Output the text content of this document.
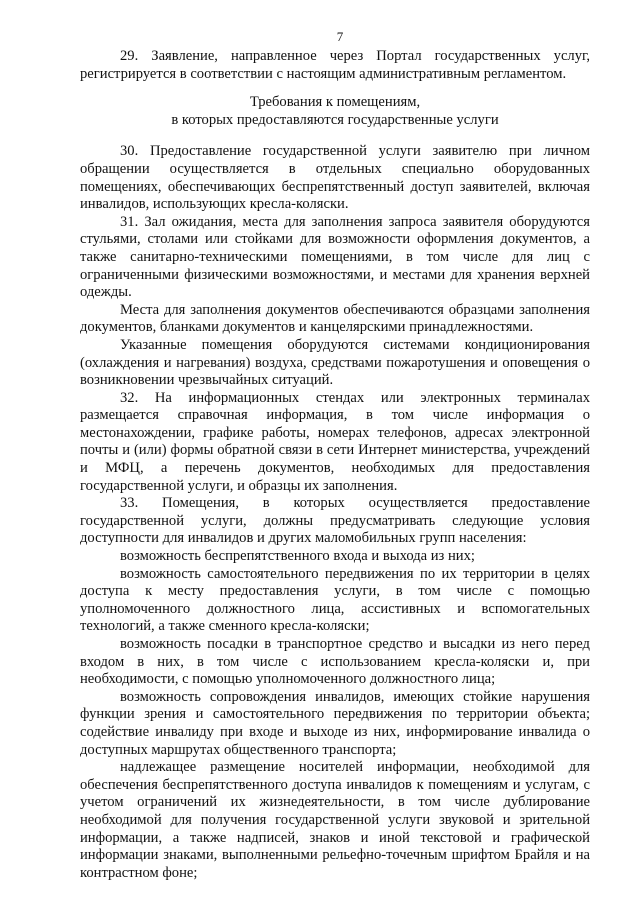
7

29. Заявление, направленное через Портал государственных услуг, регистрируется в соответствии с настоящим административным регламентом.

Требования к помещениям,
в которых предоставляются государственные услуги

30. Предоставление государственной услуги заявителю при личном обращении осуществляется в отдельных специально оборудованных помещениях, обеспечивающих беспрепятственный доступ заявителей, включая инвалидов, использующих кресла-коляски.

31. Зал ожидания, места для заполнения запроса заявителя оборудуются стульями, столами или стойками для возможности оформления документов, а также санитарно-техническими помещениями, в том числе для лиц с ограниченными физическими возможностями, и местами для хранения верхней одежды.

Места для заполнения документов обеспечиваются образцами заполнения документов, бланками документов и канцелярскими принадлежностями.

Указанные помещения оборудуются системами кондиционирования (охлаждения и нагревания) воздуха, средствами пожаротушения и оповещения о возникновении чрезвычайных ситуаций.

32. На информационных стендах или электронных терминалах размещается справочная информация, в том числе информация о местонахождении, графике работы, номерах телефонов, адресах электронной почты и (или) формы обратной связи в сети Интернет министерства, учреждений и МФЦ, а перечень документов, необходимых для предоставления государственной услуги, и образцы их заполнения.

33. Помещения, в которых осуществляется предоставление государственной услуги, должны предусматривать следующие условия доступности для инвалидов и других маломобильных групп населения:

возможность беспрепятственного входа и выхода из них;

возможность самостоятельного передвижения по их территории в целях доступа к месту предоставления услуги, в том числе с помощью уполномоченного должностного лица, ассистивных и вспомогательных технологий, а также сменного кресла-коляски;

возможность посадки в транспортное средство и высадки из него перед входом в них, в том числе с использованием кресла-коляски и, при необходимости, с помощью уполномоченного должностного лица;

возможность сопровождения инвалидов, имеющих стойкие нарушения функции зрения и самостоятельного передвижения по территории объекта; содействие инвалиду при входе и выходе из них, информирование инвалида о доступных маршрутах общественного транспорта;

надлежащее размещение носителей информации, необходимой для обеспечения беспрепятственного доступа инвалидов к помещениям и услугам, с учетом ограничений их жизнедеятельности, в том числе дублирование необходимой для получения государственной услуги звуковой и зрительной информации, а также надписей, знаков и иной текстовой и графической информации знаками, выполненными рельефно-точечным шрифтом Брайля и на контрастном фоне;
